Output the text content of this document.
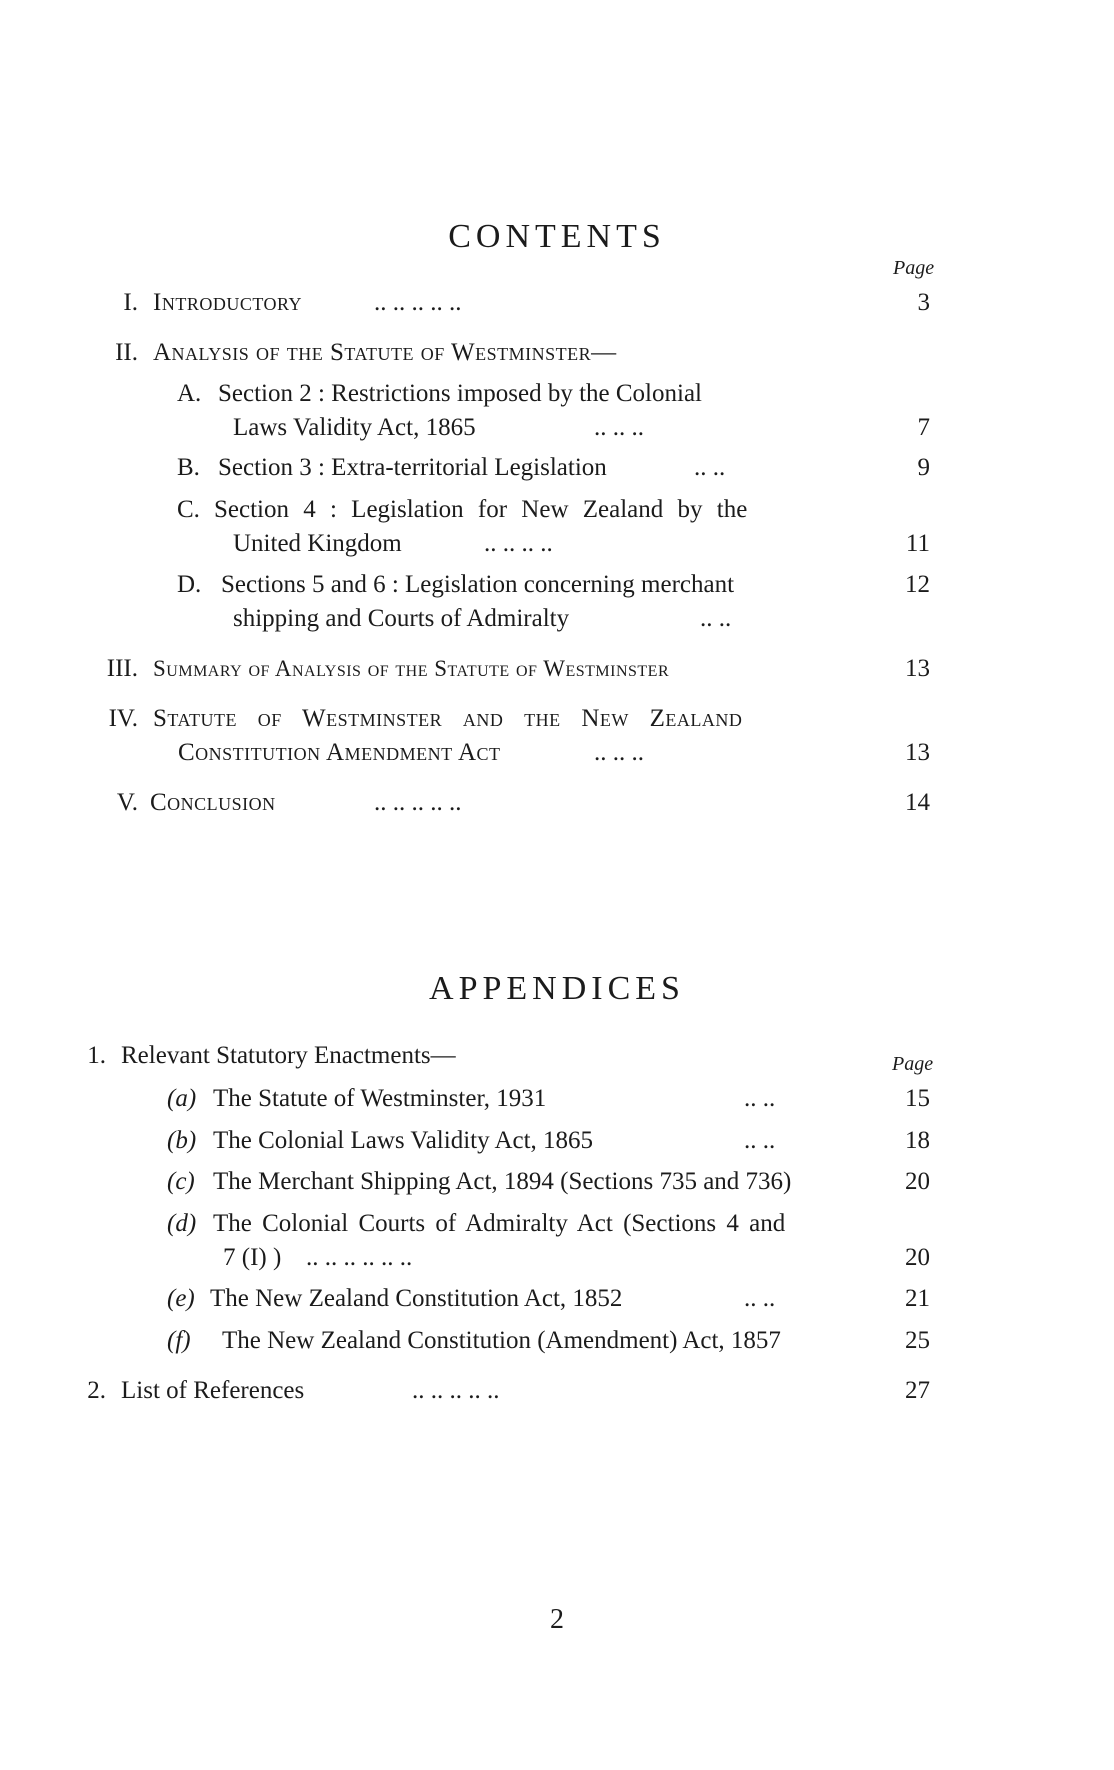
CONTENTS
Page
I. Introductory	.. .. .. .. ..	3
II. Analysis of the Statute of Westminster—
A. Section 2 : Restrictions imposed by the Colonial
Laws Validity Act, 1865	.. .. ..	7
B. Section 3 : Extra-territorial Legislation	.. ..	9
C. Section 4 : Legislation for New Zealand by the
United Kingdom	.. .. .. ..	11
D. Sections 5 and 6 : Legislation concerning merchant	12
shipping and Courts of Admiralty	.. ..
III. Summary of Analysis of the Statute of Westminster	13
IV. Statute of Westminster and the New Zealand
Constitution Amendment Act	.. .. ..	13
V. Conclusion	.. .. .. .. ..	14
APPENDICES
1. Relevant Statutory Enactments—	Page
(a) The Statute of Westminster, 1931	.. ..	15
(b) The Colonial Laws Validity Act, 1865	.. ..	18
(c) The Merchant Shipping Act, 1894 (Sections 735 and 736)	20
(d) The Colonial Courts of Admiralty Act (Sections 4 and
7 (I) ) .. .. .. .. .. ..	20
(e) The New Zealand Constitution Act, 1852	.. ..	21
(f) The New Zealand Constitution (Amendment) Act, 1857	25
2. List of References	.. .. .. .. ..	27
2
